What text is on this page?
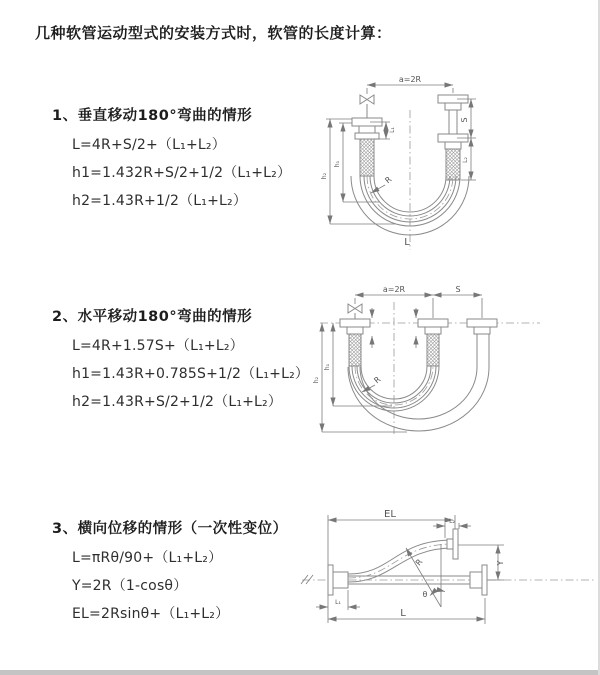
几种软管运动型式的安装方式时，软管的长度计算：
1、垂直移动180°弯曲的情形

L=4R+S/2+（L₁+L₂）

h1=1.432R+S/2+1/2（L₁+L₂）

h2=1.43R+1/2（L₁+L₂）

2、水平移动180°弯曲的情形

L=4R+1.57S+（L₁+L₂）

h1=1.43R+0.785S+1/2（L₁+L₂）

h2=1.43R+S/2+1/2（L₁+L₂）

3、横向位移的情形（一次性变位）

L=πRθ/90+（L₁+L₂）

Y=2R（1-cosθ）

EL=2Rsinθ+（L₁+L₂）

a=2R
S
L₂
L₁
h₁
h₂	R
L
a=2R	S
h₁
h₂	R
EL
L₂
Y
R
θ
L
L₁
